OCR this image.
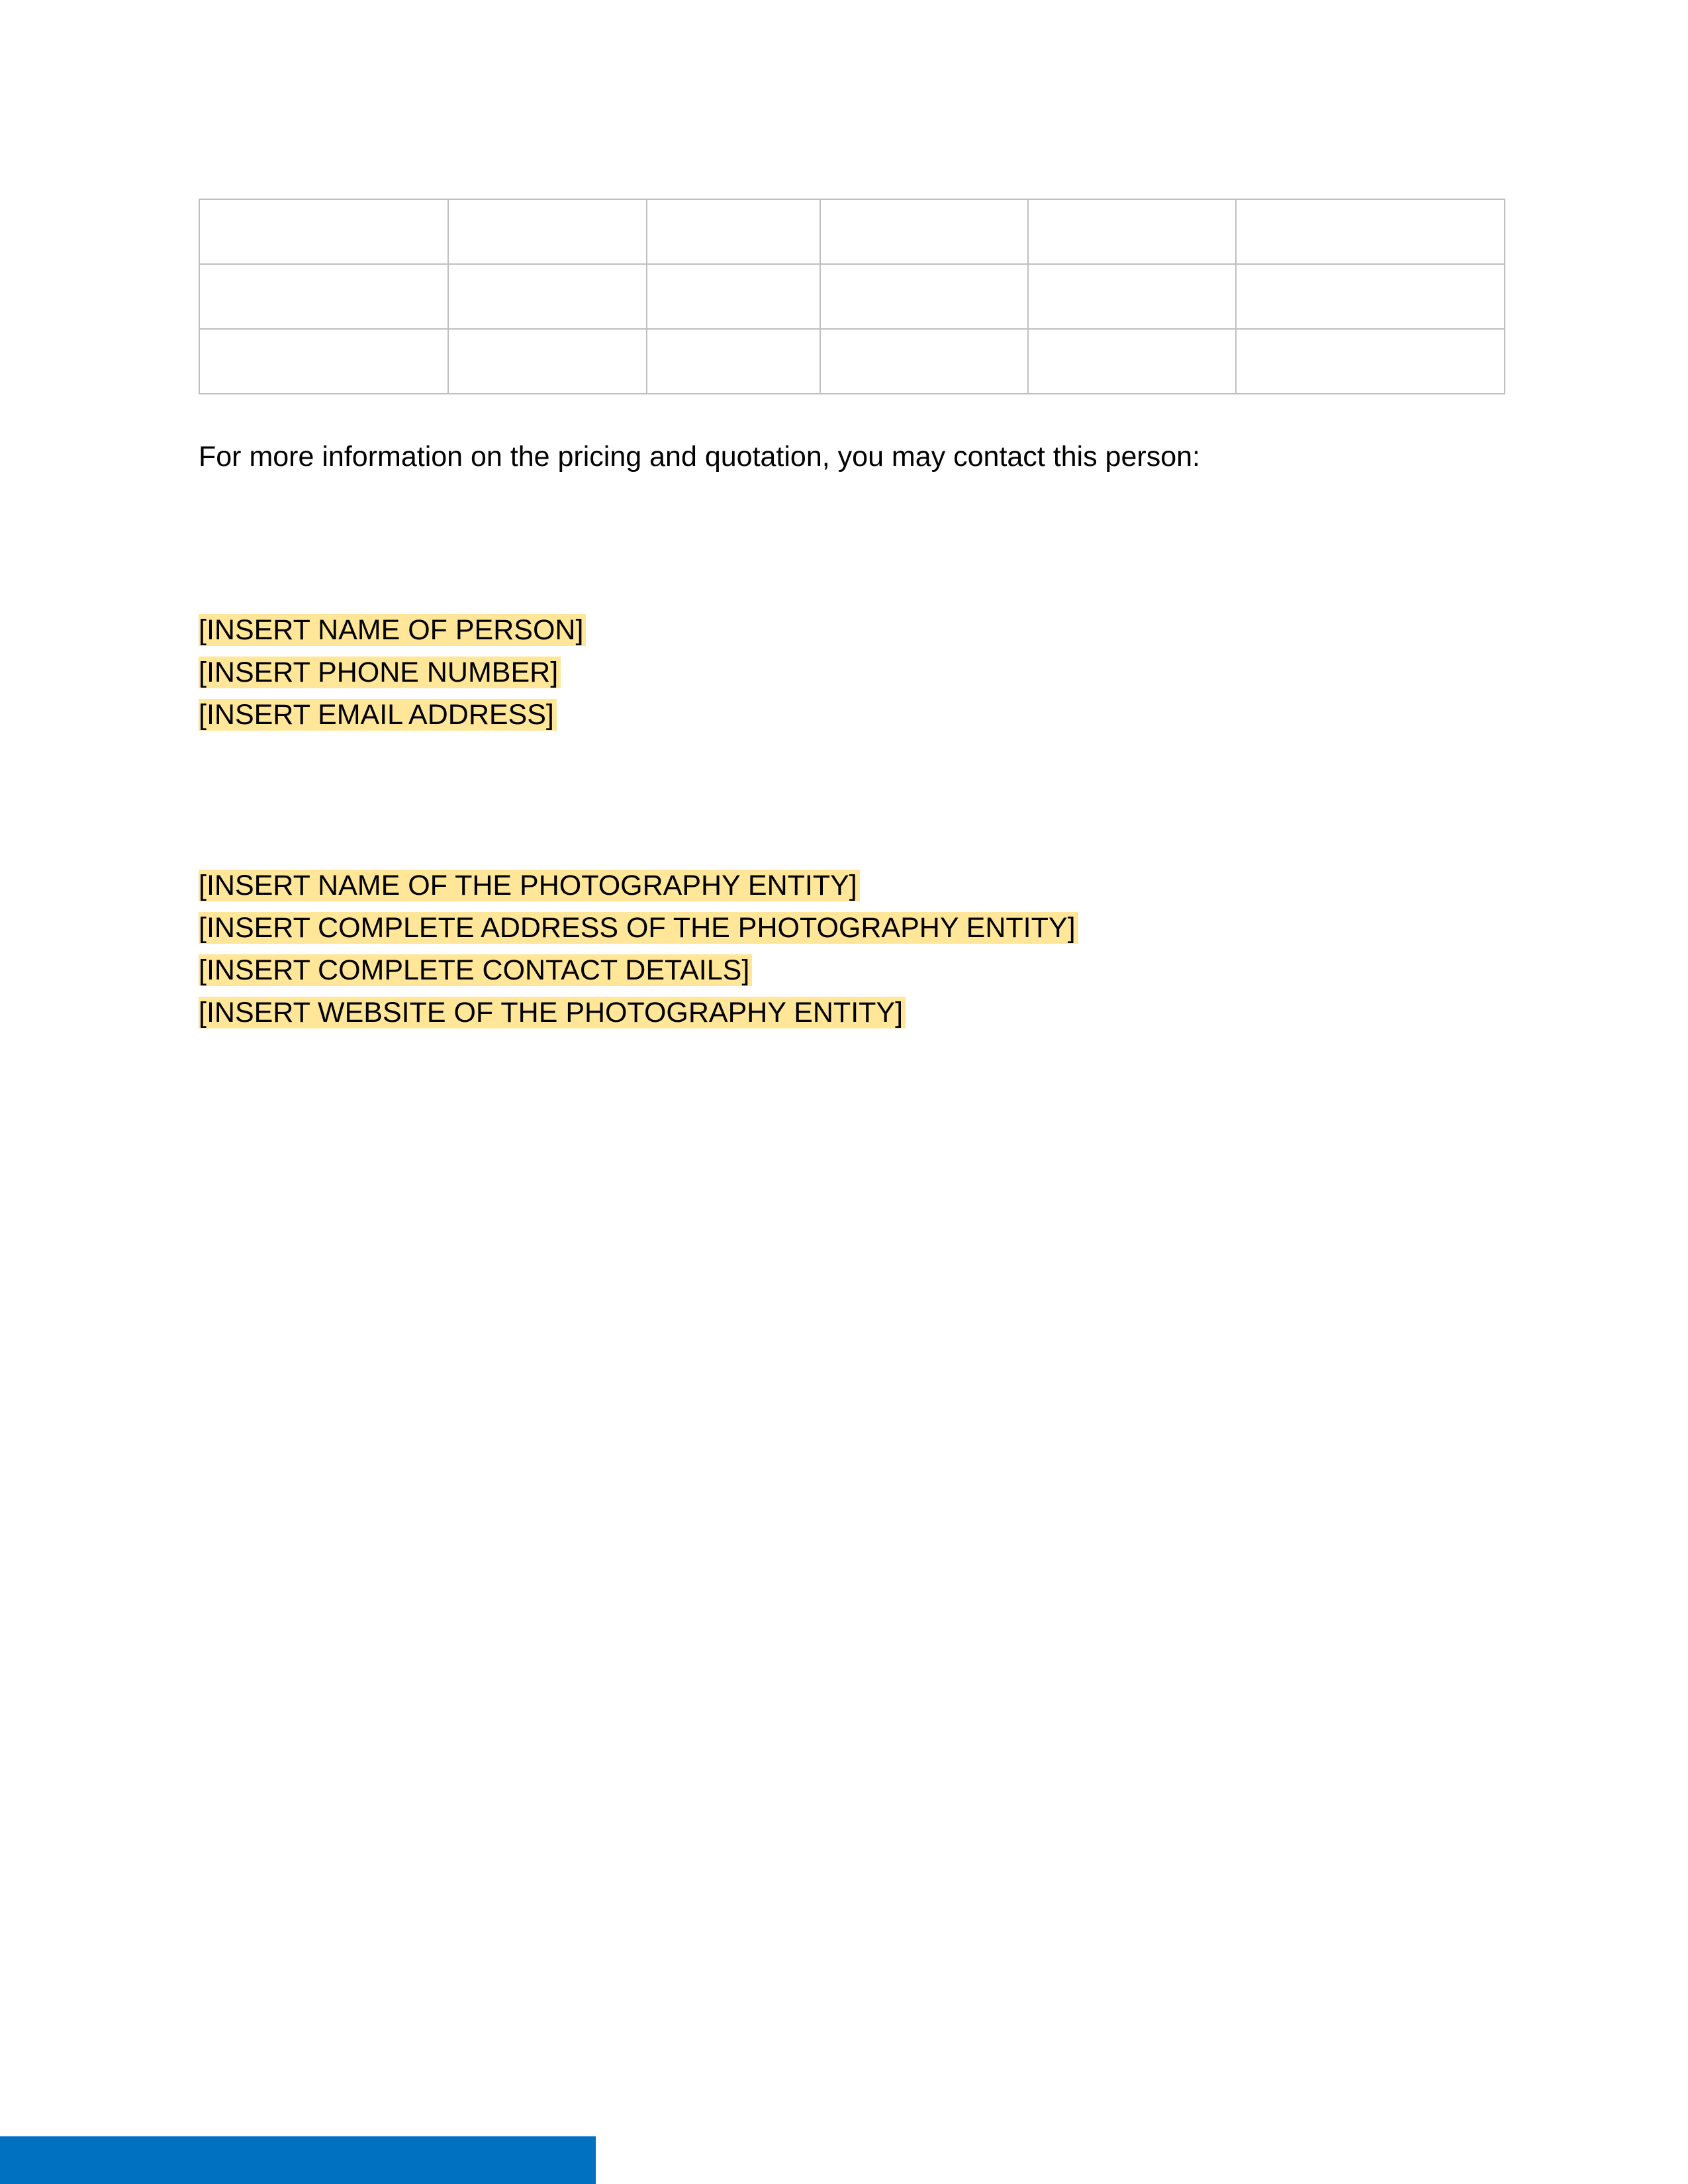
For more information on the pricing and quotation, you may contact this person:
[INSERT NAME OF PERSON]
[INSERT PHONE NUMBER]
[INSERT EMAIL ADDRESS]
[INSERT NAME OF THE PHOTOGRAPHY ENTITY]
[INSERT COMPLETE ADDRESS OF THE PHOTOGRAPHY ENTITY]
[INSERT COMPLETE CONTACT DETAILS]
[INSERT WEBSITE OF THE PHOTOGRAPHY ENTITY]
